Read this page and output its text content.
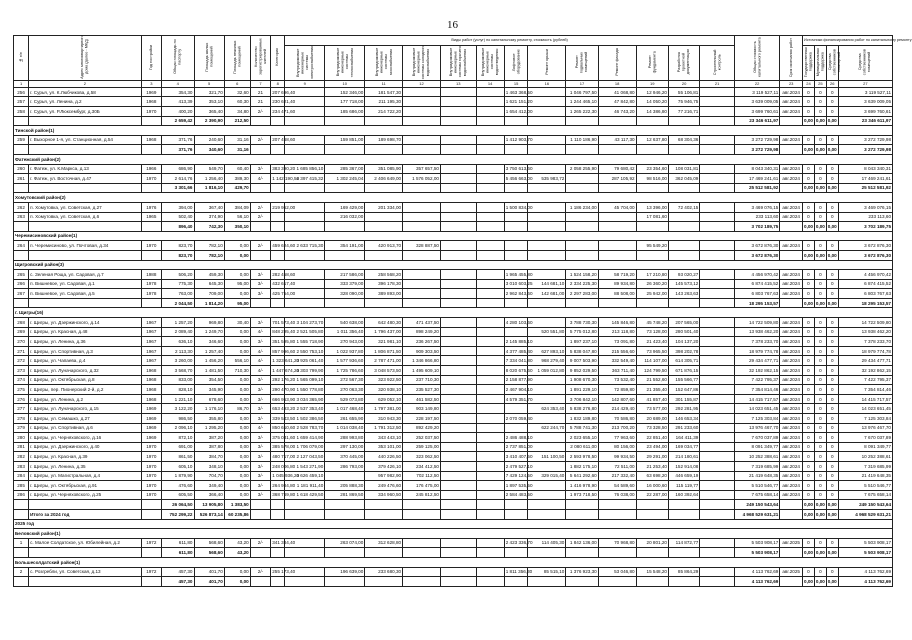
16
№ п/п	Адрес многоквартирного дома (далее - МКД)	Год постройки	Общая площадь по паспорту	Площадь жилых помещений	Площадь нежилых помещений	Количество зарегистрированных жителей	Категория	Виды работ (услуг) по капитальному ремонту, стоимость (рублей)													Общая стоимость капитального ремонта	Срок окончания работ	Источники финансирования работ по капитальному ремонту			
								Внутридомовые инженерные системы электроснабжения	Внутридомовые инженерные системы теплоснабжения	Внутридомовые инженерные системы газоснабжения	Внутридомовые инженерные системы холодного водоснабжения	Внутридомовые инженерные системы горячего водоснабжения	Внутридомовые инженерные системы водоотведения	Лифтовое оборудование	Ремонт крыши	Ремонт подвальных помещений	Ремонт фасада	Ремонт фундамента	Разработка проектной документации	Строительный контроль			Государственная поддержка	Муниципальная поддержка	Средства собственников помещений	Средства собственников помещений
1	2	3	4	5	6	7	8	9	10	11	12	13	14	15	16	17	18	19	20	21	22	23	24	25	26	27
256	г. Сурья, ул. К.Любчикова, д.58	1969	354,30	321,70	32,60	21	207 696,40		152 346,00	181 547,30				1 463 368,50		1 046 797,50	41 068,80	12 946,20	55 106,81		3 119 527,11	авг.2024	0	0	0	3 119 527,11
257	г. Сурья, ул. Ленина, д.2	1968	413,39	353,10	60,30	21	230 621,40		177 718,00	211 195,30				1 621 151,20		1 244 465,10	47 842,80	14 050,20	75 946,75		3 639 009,05	авг.2024	0	0	0	3 639 009,05
258	г. Сурья, ул. Р.Люксембург, д.30Б	1970	400,20	365,40	34,80	2/-	234 471,60		185 686,00	214 722,20				1 654 412,00		1 265 222,30	46 743,20	14 386,80	77 216,71		3 699 760,61	авг.2024	0	0	0	3 699 760,61
			2 659,42	2 390,90	212,50																23 346 611,97		0,00	0,00	0,00	23 346 611,97
Тинской район(1)																										
259	г. Выхорное 1-я, ул. Станционная, д.54	1968	371,76	240,60	31,16	2/-	207 468,60		159 851,00	189 698,70				1 412 903,70		1 110 186,90	43 117,30	12 637,80	68 304,36		3 272 729,98	авг.2024	0	0	0	3 272 729,98
			371,76	340,60	31,16																3 272 729,98		0,00	0,00	0,00	3 272 729,98
Фатежский район(2)																										
260	г. Фатеж, ул. К.Маркса, д.13	1966	686,90	549,70	60,40	3/-	383 390,20	1 685 856,10	285 367,00	351 085,90	357 657,50			3 750 613,60		2 058 255,90	79 680,42	23 354,60	108 031,81		8 043 340,31	авг.2024	0	0	0	8 043 340,31
261	г. Фатеж, ул. Восточная, д.47	1970	2 614,76	1 256,40	389,30	4/-	1 142 190,56	2 397 415,32	1 302 245,04	2 406 649,00	1 576 052,00			5 456 663,00	535 983,72		287 105,92	98 516,00	362 045,09		17 469 241,61	авг.2024	0	0	0	17 469 241,61
			3 301,66	1 816,10	429,70																25 512 581,92		0,00	0,00	0,00	25 512 581,92
Хомутовский район(2)																										
262	п. Хомутовка, ул. Советская, д.27	1976	394,00	367,40	384,09	2/-	219 952,00		169 429,00	201 334,00				1 500 834,00		1 186 234,00	45 704,00	13 396,00	72 402,15		3 469 076,15	авг.2024	0	0	0	3 469 076,15
263	п. Хомутовка, ул. Советская, д.6	1965	502,40	374,90	56,10	2/-			216 032,00									17 081,60			233 113,60	авг.2024	0	0	0	233 113,60
			896,40	742,30	350,10																3 702 189,75		0,00	0,00	0,00	3 702 189,75
Черемисиновский район(1)																										
264	п. Черемисиново, ул. Почтовая, д.34	1970	823,70	782,10	0,00	2/-	459 624,60	2 633 715,30	354 191,00	420 913,70	328 887,50							95 549,20			3 672 876,30	авг.2024	0	0	0	3 672 876,30
			823,70	782,10	0,00																3 672 876,30		0,00	0,00	0,00	3 672 876,30
Щигровский район(3)																										
265	с. Зеленая Роща, ул. Садовая, д.7	1988	506,20	459,30	0,00	3/-	282 458,60		217 586,00	258 568,20				1 965 455,80		1 524 158,20	58 719,20	17 210,80	93 020,27		4 456 970,42	авг.2024	0	0	0	4 456 970,42
266	п. Вишневое, ул. Садовая, д.1	1978	775,30	645,30	95,00	3/-	432 617,40		333 379,00	396 178,30				3 010 603,25	144 681,10	2 334 225,30	89 934,80	26 360,20	145 573,12		6 874 415,52	авг.2024	0	0	0	6 874 415,52
267	п. Вишневое, ул. Садовая, д.5	1978	763,00	709,00	0,00	3/-	425 754,00		328 090,00	389 893,00				2 962 843,60	142 681,00	2 297 283,00	88 508,00	25 942,00	143 263,63		6 803 767,63	авг.2024	0	0	0	6 803 767,63
			2 044,50	1 814,20	95,00																18 295 153,57		0,00	0,00	0,00	18 295 153,57
г. Щигры(16)																										
268	г. Щигры, ул. Дзержинского, д.14	1967	1 257,20	969,80	30,40	3/-	701 573,40	3 104 273,70	540 638,00	642 480,30	471 437,50			4 280 103,60		3 788 730,30	145 846,80	45 748,20	207 565,00		14 722 509,80	авг.2024	0	0	0	14 722 509,80
269	г. Щигры, ул. Красная, д.48	1967	2 089,40	1 249,70	0,00	4/-	848 295,40	2 521 505,80	1 011 356,40	1 796 437,00	898 249,20				520 551,80	5 775 012,80	213 118,80	73 128,00	280 501,40		13 938 462,20	авг.2024	0	0	0	13 938 462,20
270	г. Щигры, ул. Ленина, д.36	1967	636,10	346,60	0,00	3/-	351 595,80	1 555 718,90	270 943,00	321 981,10	236 267,50			2 145 885,10		1 897 237,10	73 091,80	21 423,40	104 137,20		7 378 233,70	авг.2024	0	0	0	7 378 233,70
271	г. Щигры, ул. Спортивная, д.3	1967	2 113,30	1 257,40	0,00	4/-	857 996,60	2 550 753,10	1 022 937,80	1 806 871,50	909 303,50			4 377 485,40	627 893,10	5 838 047,80	215 556,60	73 965,50	398 202,78		18 979 774,78	авг.2024	0	0	0	18 979 774,78
272	г. Щигры, ул. Чапаева, д.4	1967	3 260,00	1 456,20	556,10	4/-	1 323 641,20	3 925 061,40	1 577 936,60	2 787 471,00	1 346 866,80			7 334 041,80	968 279,40	9 007 503,90	332 549,40	114 107,00	614 305,71		29 434 477,71	авг.2024	0	0	0	29 434 477,71
273	г. Щигры, ул. Луначарского, д.32	1968	3 568,70	1 481,50	710,30	4/-	1 447 674,20	4 303 799,90	1 725 786,60	3 048 573,50	1 495 609,10			8 020 675,60	1 059 012,80	9 852 029,50	363 711,40	124 799,50	671 876,15		32 192 862,15	авг.2024	0	0	0	32 192 862,15
274	г. Щигры, ул. Октябрьская, д.8	1968	833,00	354,50	0,00	3/-	292 176,20	1 565 099,10	272 567,30	323 922,50	237 710,30			2 158 877,90		1 908 670,30	73 532,40	21 552,60	155 566,77		7 422 795,37	авг.2024	0	0	0	7 422 795,37
275	г. Щигры, пер. Пионерский 2-й, д.2	1968	828,10	345,90	0,00	3/-	290 470,90	1 550 778,80	270 063,30	320 938,10	235 527,30			2 467 904,10		1 891 229,10	72 859,80	21 355,40	152 647,86		7 354 814,46	авг.2024	0	0	0	7 354 814,46
276	г. Щигры, ул. Ленина, д.2	1968	1 221,10	678,60	0,00	3/-	666 953,90	3 034 365,90	529 073,80	629 052,10	461 582,50			4 579 351,70		3 706 842,10	142 807,60	41 857,40	301 155,87		14 415 717,57	авг.2024	0	0	0	14 415 717,57
277	г. Щигры, ул. Луначарского, д.15	1969	3 122,20	1 176,10	86,70	3/-	653 493,20	2 537 353,40	1 017 468,40	1 797 381,00	903 149,80				624 353,40	5 838 276,80	214 429,40	73 577,00	292 281,95		14 023 651,45	авг.2024	0	0	0	14 023 651,45
278	г. Щигры, ул. Семашко, д.27	1969	986,50	355,80	0,00	3/-	339 543,50	1 502 386,50	261 655,90	310 943,30	228 197,50			2 070 059,40		1 832 189,80	70 586,80	20 689,00	146 653,34		7 125 303,84	авг.2024	0	0	0	7 125 303,84
279	г. Щигры, ул. Спортивная, д.6	1969	2 096,10	1 295,20	0,00	4/-	850 610,60	2 528 783,70	1 014 038,40	1 791 312,50	892 429,20				622 244,70	5 788 741,30	213 700,20	73 328,50	291 233,60		13 976 467,70	авг.2024	0	0	0	13 976 467,70
280	г. Щигры, ул. Черняховского, д.16	1969	872,10	387,20	0,00	3/-	375 031,60	1 659 414,90	288 993,80	343 443,10	252 037,50			2 486 488,10		2 023 655,10	77 963,60	22 851,40	164 411,39		7 670 037,89	авг.2024	0	0	0	7 670 037,89
281	г. Щигры, ул. Дзержинского, д.40	1970	691,00	387,80	0,00	3/-	385 578,00	1 706 079,00	297 130,00	353 101,00	259 125,00			2 737 851,00		2 080 611,00	80 156,00	23 494,00	169 034,77		8 091 349,77	авг.2024	0	0	0	8 091 349,77
282	г. Щигры, ул. Красная, д.39	1970	861,50	384,70	0,00	3/-	480 717,00	2 127 043,50	370 445,00	440 226,50	323 062,50			3 410 407,50	151 100,50	2 593 978,50	99 934,50	29 291,00	214 180,61		10 252 388,61	авг.2024	0	0	0	10 252 388,61
283	г. Щигры, ул. Ленина, д.35	1970	605,10	348,10	0,00	3/-	248 006,80	1 543 271,90	286 793,00	379 426,10	234 412,50			2 479 527,10		1 882 175,10	72 511,00	21 253,40	152 914,08		7 319 685,99	авг.2024	0	0	0	7 319 685,99
284	г. Щигры, ул. Магистральная, д.4	1970	1 879,90	704,70	0,00	3/-	1 045 936,20	4 626 459,10		957 982,90	702 112,50			7 429 124,50	329 015,40	5 641 292,60	217 332,40	63 698,20	446 659,19		21 419 648,35	авг.2024	0	0	0	21 419 648,35
285	г. Щигры, ул. Октябрьская, д.91	1970	476,60	349,40	0,00	3/-	264 984,80	1 181 911,40	205 888,30	249 476,60	176 475,00			1 897 535,50		1 416 978,90	54 589,60	16 000,60	115 119,77		5 510 546,77	авг.2024	0	0	0	5 510 546,77
286	г. Щигры, ул. Черняховского, д.25	1970	605,50	366,40	0,00	3/-	368 769,80	1 618 429,50	281 869,50	334 960,50	245 812,50			2 584 483,50		1 973 718,50	76 038,00	22 287,00	160 392,64		7 675 658,14	авг.2024	0	0	0	7 675 658,14
			26 064,50	13 905,80	1 383,50																249 150 543,64		0,00	0,00	0,00	249 150 543,64
	Итого за 2024 год		752 299,22	526 873,14	60 235,86																4 968 529 631,21		0,00	0,00	0,00	4 968 529 631,21
2025 год																										
Беловский район(1)																										
1	с. Малое Солдатское, ул. Юбилейная, д.2	1972	611,80	568,60	43,20	2/-	341 384,40		263 074,00	312 628,80				2 423 336,70	114 405,30	1 842 136,00	70 968,80	20 801,20	114 872,77		5 503 908,17	авг.2025	0	0	0	5 503 908,17
			611,80	568,60	43,20																5 503 908,17		0,00	0,00	0,00	5 503 908,17
Большесолдатский район(1)																										
2	с. Розгребли, ул. Советская, д.13	1972	457,30	401,70	0,00	2/-	255 173,40		196 639,00	233 680,30				1 811 356,30	85 515,10	1 376 923,30	53 046,80	15 548,20	85 864,29		4 113 762,69	авг.2025	0	0	0	4 113 762,69
			457,30	401,70	0,00																4 113 762,69		0,00	0,00	0,00	4 113 762,69
